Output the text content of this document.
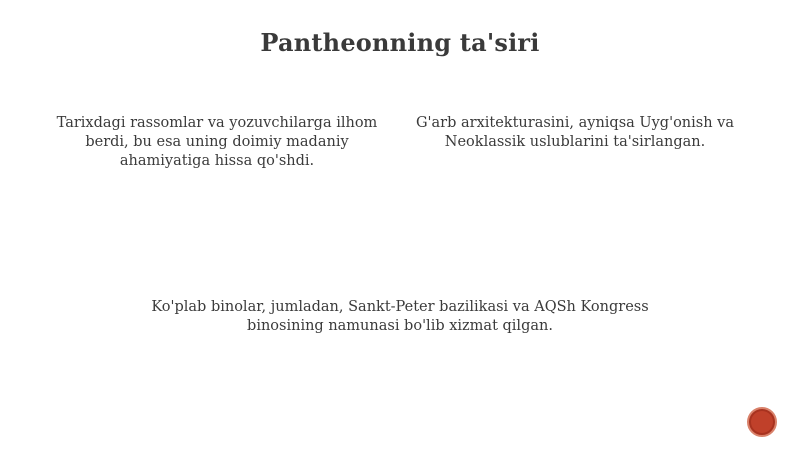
Pantheonning ta'siri
Tarixdagi rassomlar va yozuvchilarga ilhom berdi, bu esa uning doimiy madaniy ahamiyatiga hissa qo'shdi.
G'arb arxitekturasini, ayniqsa Uyg'onish va Neoklassik uslublarini ta'sirlangan.
Ko'plab binolar, jumladan, Sankt-Peter bazilikasi va AQSh Kongress binosining namunasi bo'lib xizmat qilgan.
